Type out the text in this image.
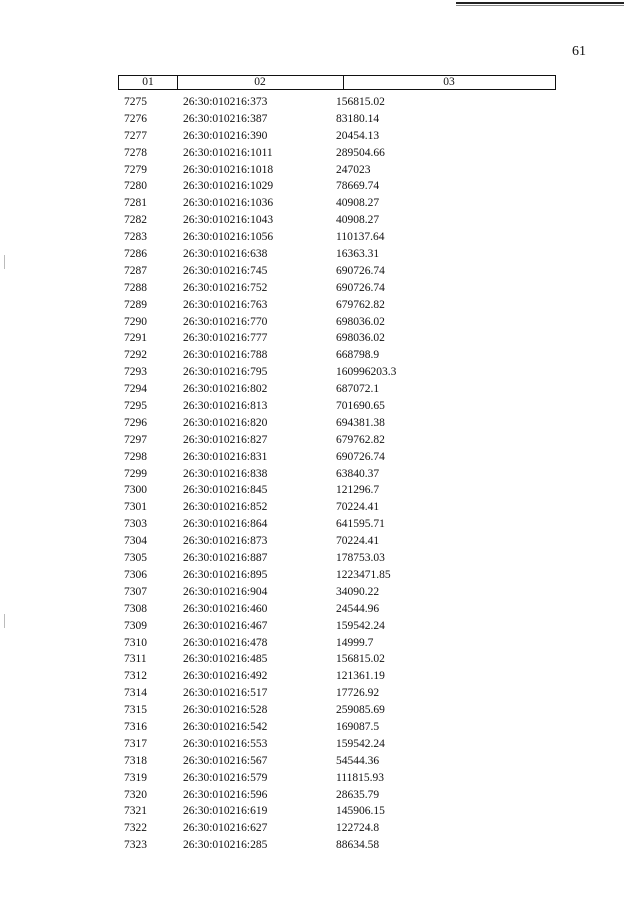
61
01	02	03
7275	26:30:010216:373	156815.02
7276	26:30:010216:387	83180.14
7277	26:30:010216:390	20454.13
7278	26:30:010216:1011	289504.66
7279	26:30:010216:1018	247023
7280	26:30:010216:1029	78669.74
7281	26:30:010216:1036	40908.27
7282	26:30:010216:1043	40908.27
7283	26:30:010216:1056	110137.64
7286	26:30:010216:638	16363.31
7287	26:30:010216:745	690726.74
7288	26:30:010216:752	690726.74
7289	26:30:010216:763	679762.82
7290	26:30:010216:770	698036.02
7291	26:30:010216:777	698036.02
7292	26:30:010216:788	668798.9
7293	26:30:010216:795	160996203.3
7294	26:30:010216:802	687072.1
7295	26:30:010216:813	701690.65
7296	26:30:010216:820	694381.38
7297	26:30:010216:827	679762.82
7298	26:30:010216:831	690726.74
7299	26:30:010216:838	63840.37
7300	26:30:010216:845	121296.7
7301	26:30:010216:852	70224.41
7303	26:30:010216:864	641595.71
7304	26:30:010216:873	70224.41
7305	26:30:010216:887	178753.03
7306	26:30:010216:895	1223471.85
7307	26:30:010216:904	34090.22
7308	26:30:010216:460	24544.96
7309	26:30:010216:467	159542.24
7310	26:30:010216:478	14999.7
7311	26:30:010216:485	156815.02
7312	26:30:010216:492	121361.19
7314	26:30:010216:517	17726.92
7315	26:30:010216:528	259085.69
7316	26:30:010216:542	169087.5
7317	26:30:010216:553	159542.24
7318	26:30:010216:567	54544.36
7319	26:30:010216:579	111815.93
7320	26:30:010216:596	28635.79
7321	26:30:010216:619	145906.15
7322	26:30:010216:627	122724.8
7323	26:30:010216:285	88634.58
